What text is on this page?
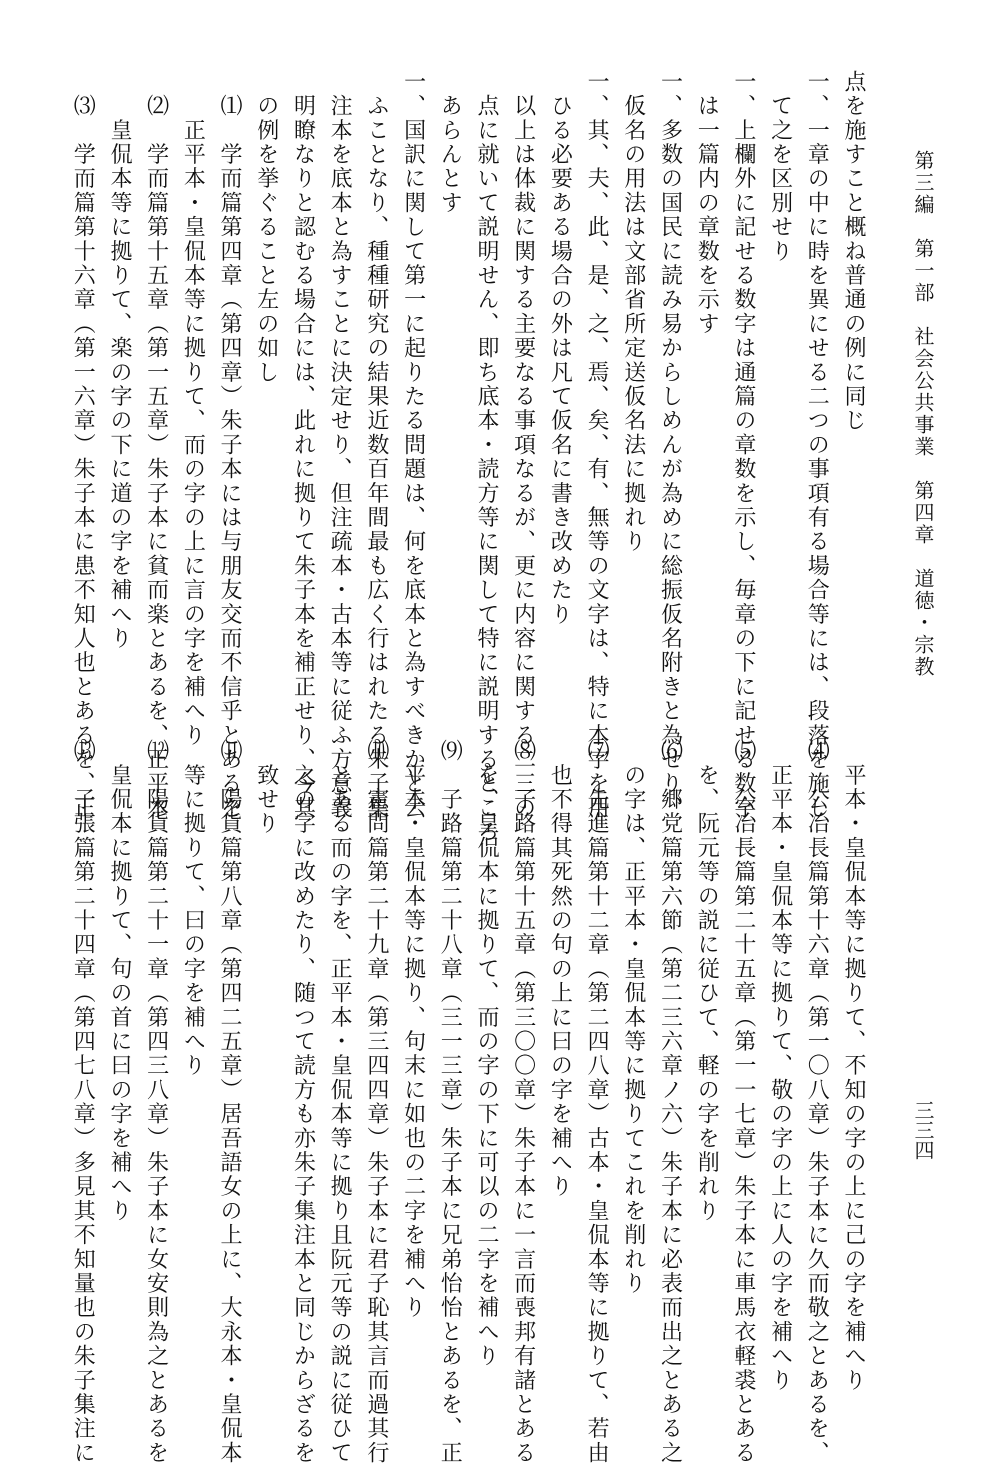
第三編　第一部　社会公共事業　第四章　道徳・宗教
三三四
点を施すこと概ね普通の例に同じ
一、一章の中に時を異にせる二つの事項有る場合等には、段落を施し
　て之を区別せり
一、上欄外に記せる数字は通篇の章数を示し、毎章の下に記せる数字
　は一篇内の章数を示す
一、多数の国民に読み易からしめんが為めに総振仮名附きと為せり、
　仮名の用法は文部省所定送仮名法に拠れり
一、其、夫、此、是、之、焉、矣、有、無等の文字は、特に本字を用
　ひる必要ある場合の外は凡て仮名に書き改めたり
　以上は体裁に関する主要なる事項なるが、更に内容に関する二三の
　点に就いて説明せん、即ち底本・読方等に関して特に説明するところ
　あらんとす
一、国訳に関して第一に起りたる問題は、何を底本と為すべきかと云
　ふことなり、種種研究の結果近数百年間最も広く行はれたる朱子集
　注本を底本と為すことに決定せり、但注疏本・古本等に従ふ方意義
　明瞭なりと認むる場合には、此れに拠りて朱子本を補正せり、今其
　の例を挙ぐること左の如し
　⑴　学而篇第四章（第四章）朱子本には与朋友交而不信乎とあるを
　　正平本・皇侃本等に拠りて、而の字の上に言の字を補へり
　⑵　学而篇第十五章（第一五章）朱子本に貧而楽とあるを、正平本
　　皇侃本等に拠りて、楽の字の下に道の字を補へり
　⑶　学而篇第十六章（第一六章）朱子本に患不知人也とあるを、正
　　平本・皇侃本等に拠りて、不知の字の上に己の字を補へり
　⑷　公冶長篇第十六章（第一〇八章）朱子本に久而敬之とあるを、
　　正平本・皇侃本等に拠りて、敬の字の上に人の字を補へり
　⑸　公冶長篇第二十五章（第一一七章）朱子本に車馬衣軽裘とある
　　を、阮元等の説に従ひて、軽の字を削れり
　⑹　郷党篇第六節（第二三六章ノ六）朱子本に必表而出之とある之
　　の字は、正平本・皇侃本等に拠りてこれを削れり
　⑺　先進篇第十二章（第二四八章）古本・皇侃本等に拠りて、若由
　　也不得其死然の句の上に曰の字を補へり
　⑻　子路篇第十五章（第三〇〇章）朱子本に一言而喪邦有諸とある
　　を、皇侃本に拠りて、而の字の下に可以の二字を補へり
　⑼　子路篇第二十八章（三一三章）朱子本に兄弟怡怡とあるを、正
　　平本・皇侃本等に拠り、句末に如也の二字を補へり
　⑽　憲問篇第二十九章（第三四四章）朱子本に君子恥其言而過其行
　　とある而の字を、正平本・皇侃本等に拠り且阮元等の説に従ひて
　　之の字に改めたり、随つて読方も亦朱子集注本と同じからざるを
　　致せり
　⑾　陽貨篇第八章（第四二五章）居吾語女の上に、大永本・皇侃本
　　等に拠りて、曰の字を補へり
　⑿　陽貨篇第二十一章（第四三八章）朱子本に女安則為之とあるを
　　皇侃本に拠りて、句の首に曰の字を補へり
　⒀　子張篇第二十四章（第四七八章）多見其不知量也の朱子集注に
